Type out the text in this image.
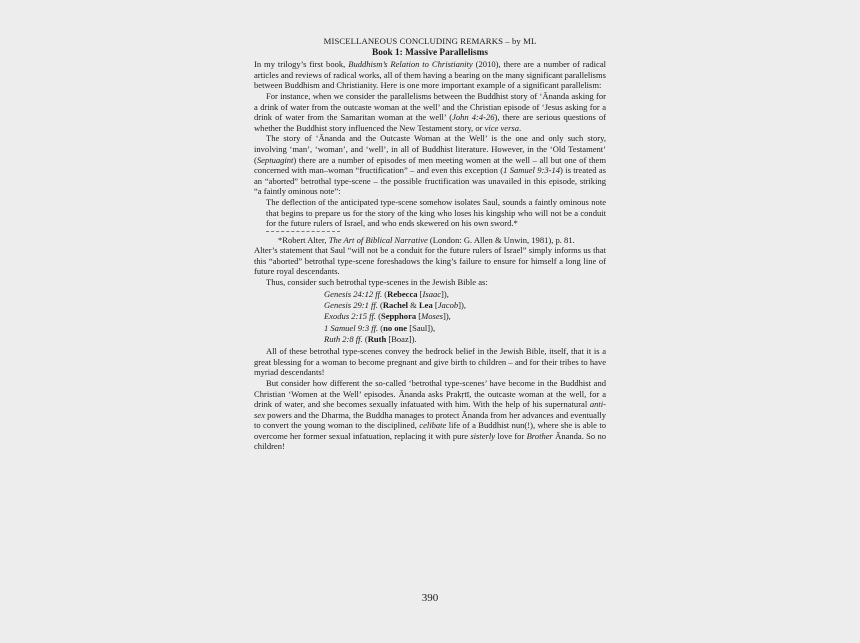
MISCELLANEOUS CONCLUDING REMARKS – by ML
Book 1: Massive Parallelisms

In my trilogy’s first book, Buddhism’s Relation to Christianity (2010), there are a number of radical articles and reviews of radical works, all of them having a bearing on the many significant parallelisms between Buddhism and Christianity. Here is one more important example of a significant parallelism:

For instance, when we consider the parallelisms between the Buddhist story of ‘Ānanda asking for a drink of water from the outcaste woman at the well’ and the Christian episode of ‘Jesus asking for a drink of water from the Samaritan woman at the well’ (John 4:4-26), there are serious questions of whether the Buddhist story influenced the New Testament story, or vice versa.

The story of ‘Ānanda and the Outcaste Woman at the Well’ is the one and only such story, involving ‘man’, ‘woman’, and ‘well’, in all of Buddhist literature. However, in the ‘Old Testament’ (Septuagint) there are a number of episodes of men meeting women at the well – all but one of them concerned with man–woman “fructification” – and even this exception (1 Samuel 9:3-14) is treated as an “aborted” betrothal type-scene – the possible fructification was unavailed in this episode, striking “a faintly ominous note”:

The deflection of the anticipated type-scene somehow isolates Saul, sounds a faintly ominous note that begins to prepare us for the story of the king who loses his kingship who will not be a conduit for the future rulers of Israel, and who ends skewered on his own sword.*

*Robert Alter, The Art of Biblical Narrative (London: G. Allen & Unwin, 1981), p. 81.

Alter’s statement that Saul “will not be a conduit for the future rulers of Israel” simply informs us that this “aborted” betrothal type-scene foreshadows the king’s failure to ensure for himself a long line of future royal descendants.

Thus, consider such betrothal type-scenes in the Jewish Bible as:

Genesis 24:12 ff. (Rebecca [Isaac]),
Genesis 29:1 ff. (Rachel & Lea [Jacob]),
Exodus 2:15 ff. (Sepphora [Moses]),
1 Samuel 9:3 ff. (no one [Saul]),
Ruth 2:8 ff. (Ruth [Boaz]).

All of these betrothal type-scenes convey the bedrock belief in the Jewish Bible, itself, that it is a great blessing for a woman to become pregnant and give birth to children – and for their tribes to have myriad descendants!

But consider how different the so-called ‘betrothal type-scenes’ have become in the Buddhist and Christian ‘Women at the Well’ episodes. Ānanda asks Prakṛtī, the outcaste woman at the well, for a drink of water, and she becomes sexually infatuated with him. With the help of his supernatural anti-sex powers and the Dharma, the Buddha manages to protect Ānanda from her advances and eventually to convert the young woman to the disciplined, celibate life of a Buddhist nun(!), where she is able to overcome her former sexual infatuation, replacing it with pure sisterly love for Brother Ānanda. So no children!

390
